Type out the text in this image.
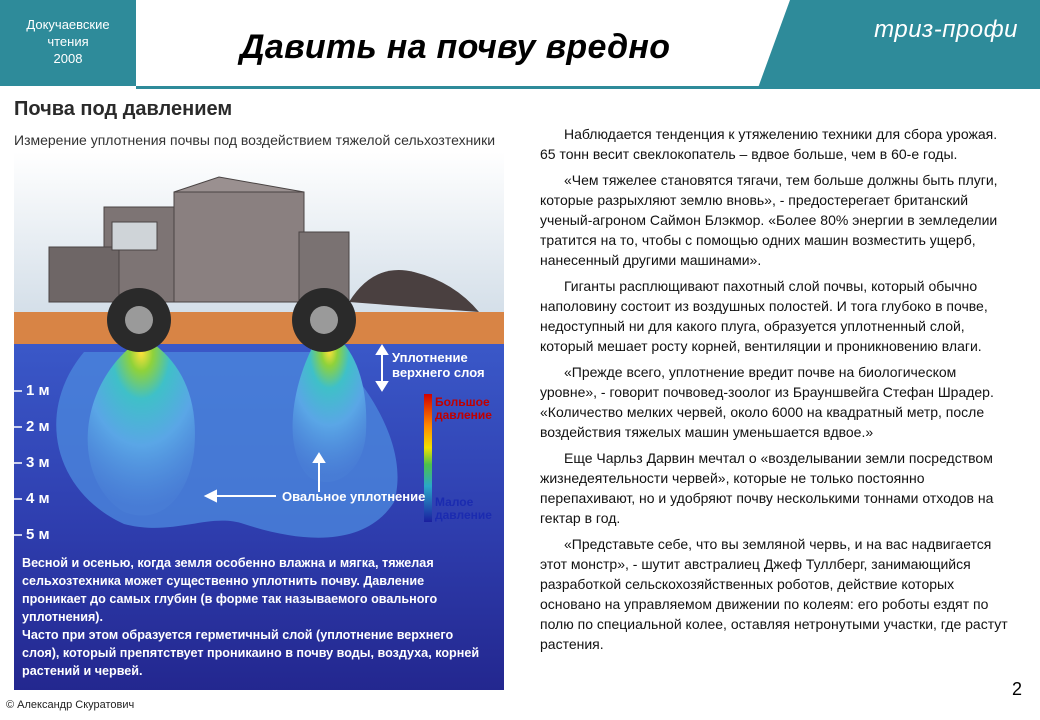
Докучаевские
чтения
2008	Давить на почву вредно	триз-профи
Почва под давлением
Измерение уплотнения почвы под воздействием тяжелой сельхозтехники
1 м
2 м
3 м
4 м
5 м
Уплотнение
верхнего слоя
Овальное уплотнение
Большое
давление
Малое
давление
Весной и осенью, когда земля особенно влажна и мягка, тяжелая сельхозтехника может существенно уплотнить почву. Давление проникает до самых глубин (в форме так называемого овального уплотнения).
Часто при этом образуется герметичный слой (уплотнение верхнего слоя), который препятствует проникаино в почву воды, воздуха, корней растений и червей.
© Александр Скуратович

Наблюдается тенденция к утяжелению техники для сбора урожая. 65 тонн весит свеклокопатель – вдвое больше, чем в 60-е годы.

«Чем тяжелее становятся тягачи, тем больше должны быть плуги, которые разрыхляют землю вновь», - предостерегает британский ученый-агроном Саймон Блэкмор. «Более 80% энергии в земледелии тратится на то, чтобы с помощью одних машин возместить ущерб, нанесенный другими машинами».

Гиганты расплющивают пахотный слой почвы, который обычно наполовину состоит из воздушных полостей. И тога глубоко в почве, недоступный ни для какого плуга, образуется уплотненный слой, который мешает росту корней, вентиляции и проникновению влаги.

«Прежде всего, уплотнение вредит почве на биологическом уровне», - говорит почвовед-зоолог из Брауншвейга Стефан Шрадер. «Количество мелких червей, около 6000 на квадратный метр, после воздействия тяжелых машин уменьшается вдвое.»

Еще Чарльз Дарвин мечтал о «возделывании земли посредством жизнедеятельности червей», которые не только постоянно перепахивают, но и удобряют почву несколькими тоннами отходов на гектар в год.

«Представьте себе, что вы земляной червь, и на вас надвигается этот монстр», - шутит австралиец Джеф Туллберг, занимающийся разработкой сельскохозяйственных роботов, действие которых основано на управляемом движении по колеям: его роботы ездят по полю по специальной колее, оставляя нетронутыми участки, где растут растения.

2
